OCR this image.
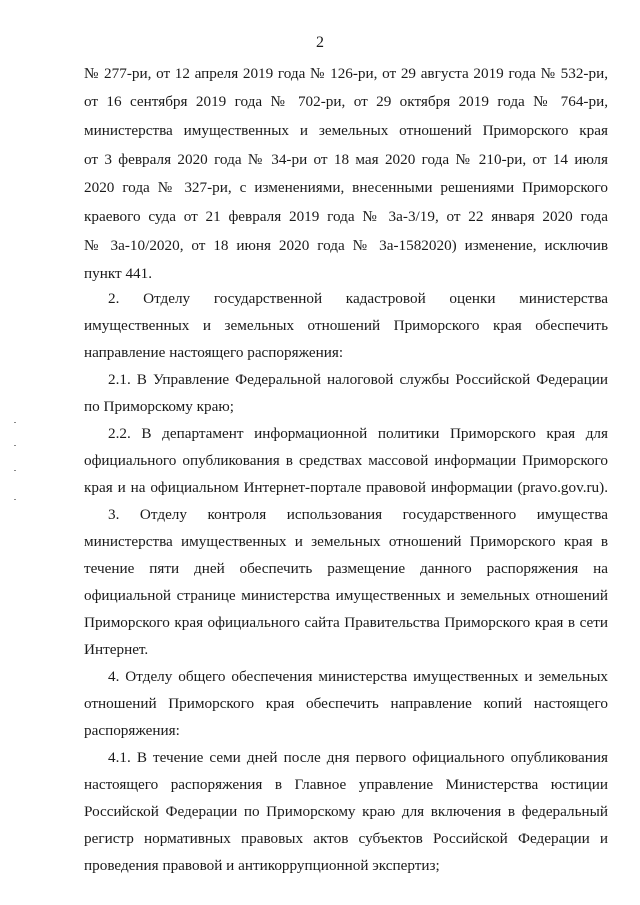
2
№ 277-ри, от 12 апреля 2019 года № 126-ри, от 29 августа 2019 года № 532-ри,
от 16 сентября 2019 года № 702-ри, от 29 октября 2019 года № 764-ри,
министерства имущественных и земельных отношений Приморского края
от 3 февраля 2020 года № 34-ри от 18 мая 2020 года № 210-ри, от 14 июля
2020 года № 327-ри, с изменениями, внесенными решениями Приморского
краевого суда от 21 февраля 2019 года № 3а-3/19, от 22 января 2020 года
№ 3а-10/2020, от 18 июня 2020 года № 3а-1582020) изменение, исключив
пункт 441.
2. Отделу государственной кадастровой оценки министерства
имущественных и земельных отношений Приморского края обеспечить
направление настоящего распоряжения:
2.1. В Управление Федеральной налоговой службы Российской Федерации
по Приморскому краю;
2.2. В департамент информационной политики Приморского края для
официального опубликования в средствах массовой информации Приморского
края и на официальном Интернет-портале правовой информации (pravo.gov.ru).
3. Отделу контроля использования государственного имущества
министерства имущественных и земельных отношений Приморского края в
течение пяти дней обеспечить размещение данного распоряжения на
официальной странице министерства имущественных и земельных отношений
Приморского края официального сайта Правительства Приморского края в сети
Интернет.
4. Отделу общего обеспечения министерства имущественных и земельных
отношений Приморского края обеспечить направление копий настоящего
распоряжения:
4.1. В течение семи дней после дня первого официального опубликования
настоящего распоряжения в Главное управление Министерства юстиции
Российской Федерации по Приморскому краю для включения в федеральный
регистр нормативных правовых актов субъектов Российской Федерации и
проведения правовой и антикоррупционной экспертиз;
